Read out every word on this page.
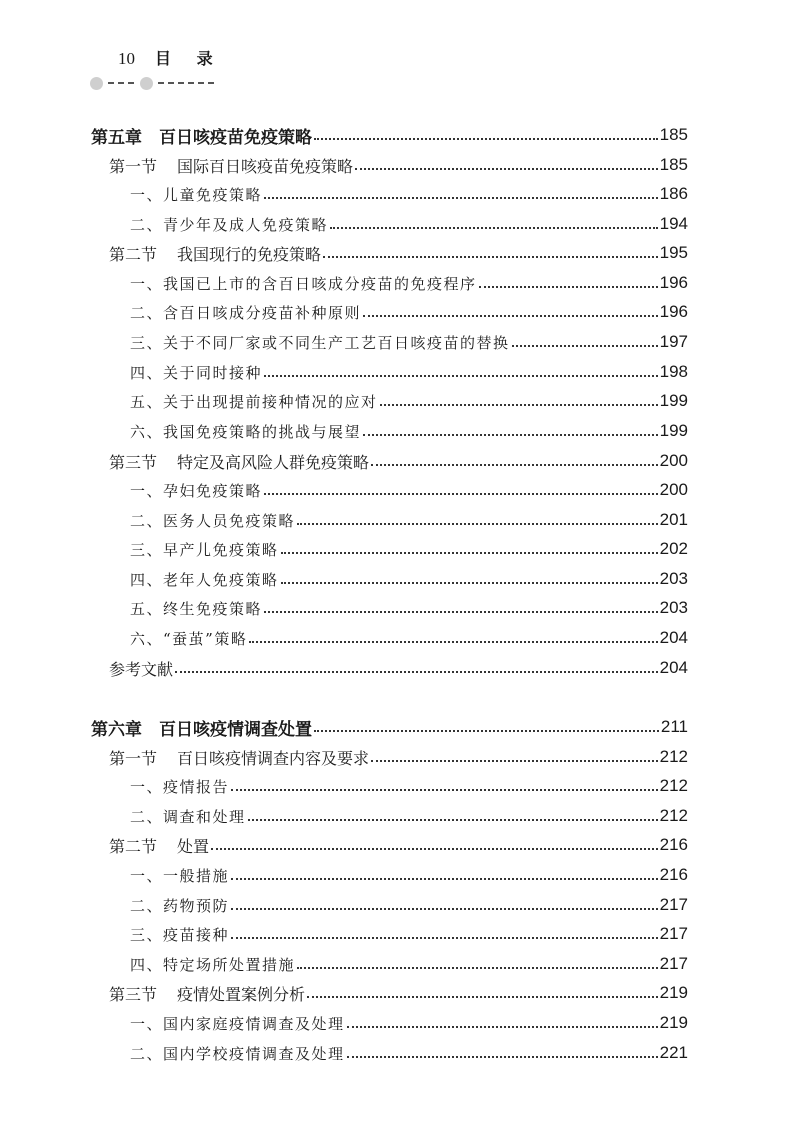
10 目 录
第五章　百日咳疫苗免疫策略	185
第一节 国际百日咳疫苗免疫策略	185
一、儿童免疫策略	186
二、青少年及成人免疫策略	194
第二节 我国现行的免疫策略	195
一、我国已上市的含百日咳成分疫苗的免疫程序	196
二、含百日咳成分疫苗补种原则	196
三、关于不同厂家或不同生产工艺百日咳疫苗的替换	197
四、关于同时接种	198
五、关于出现提前接种情况的应对	199
六、我国免疫策略的挑战与展望	199
第三节 特定及高风险人群免疫策略	200
一、孕妇免疫策略	200
二、医务人员免疫策略	201
三、早产儿免疫策略	202
四、老年人免疫策略	203
五、终生免疫策略	203
六、“蚕茧”策略	204
参考文献	204
第六章　百日咳疫情调查处置	211
第一节 百日咳疫情调查内容及要求	212
一、疫情报告	212
二、调查和处理	212
第二节 处置	216
一、一般措施	216
二、药物预防	217
三、疫苗接种	217
四、特定场所处置措施	217
第三节 疫情处置案例分析	219
一、国内家庭疫情调查及处理	219
二、国内学校疫情调查及处理	221
